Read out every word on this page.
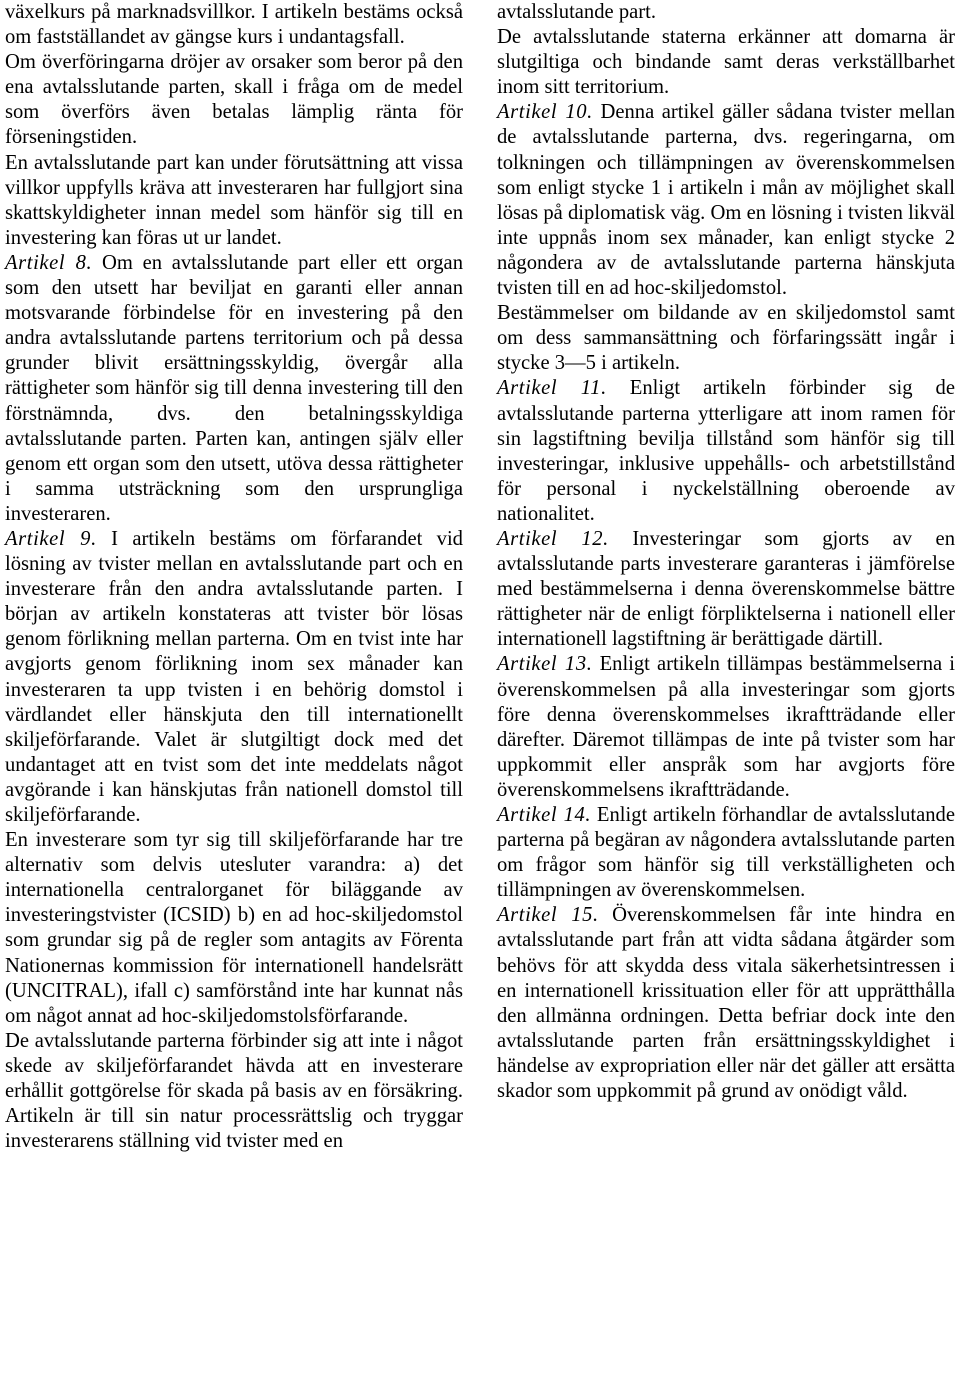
växelkurs på marknadsvillkor. I artikeln bestäms också om fastställandet av gängse kurs i undantagsfall.

Om överföringarna dröjer av orsaker som beror på den ena avtalsslutande parten, skall i fråga om de medel som överförs även betalas lämplig ränta för förseningstiden.

En avtalsslutande part kan under förutsättning att vissa villkor uppfylls kräva att investeraren har fullgjort sina skattskyldigheter innan medel som hänför sig till en investering kan föras ut ur landet.

Artikel 8. Om en avtalsslutande part eller ett organ som den utsett har beviljat en garanti eller annan motsvarande förbindelse för en investering på den andra avtalsslutande partens territorium och på dessa grunder blivit ersättningsskyldig, övergår alla rättigheter som hänför sig till denna investering till den förstnämnda, dvs. den betalningsskyldiga avtalsslutande parten. Parten kan, antingen själv eller genom ett organ som den utsett, utöva dessa rättigheter i samma utsträckning som den ursprungliga investeraren.

Artikel 9. I artikeln bestäms om förfarandet vid lösning av tvister mellan en avtalsslutande part och en investerare från den andra avtalsslutande parten. I början av artikeln konstateras att tvister bör lösas genom förlikning mellan parterna. Om en tvist inte har avgjorts genom förlikning inom sex månader kan investeraren ta upp tvisten i en behörig domstol i värdlandet eller hänskjuta den till internationellt skiljeförfarande. Valet är slutgiltigt dock med det undantaget att en tvist som det inte meddelats något avgörande i kan hänskjutas från nationell domstol till skiljeförfarande.

En investerare som tyr sig till skiljeförfarande har tre alternativ som delvis utesluter varandra: a) det internationella centralorganet för biläggande av investeringstvister (ICSID) b) en ad hoc-skiljedomstol som grundar sig på de regler som antagits av Förenta Nationernas kommission för internationell handelsrätt (UNCITRAL), ifall c) samförstånd inte har kunnat nås om något annat ad hoc-skiljedomstolsförfarande.

De avtalsslutande parterna förbinder sig att inte i något skede av skiljeförfarandet hävda att en investerare erhållit gottgörelse för skada på basis av en försäkring. Artikeln är till sin natur processrättslig och tryggar investerarens ställning vid tvister med en

avtalsslutande part.

De avtalsslutande staterna erkänner att domarna är slutgiltiga och bindande samt deras verkställbarhet inom sitt territorium.

Artikel 10. Denna artikel gäller sådana tvister mellan de avtalsslutande parterna, dvs. regeringarna, om tolkningen och tillämpningen av överenskommelsen som enligt stycke 1 i artikeln i mån av möjlighet skall lösas på diplomatisk väg. Om en lösning i tvisten likväl inte uppnås inom sex månader, kan enligt stycke 2 någondera av de avtalsslutande parterna hänskjuta tvisten till en ad hoc-skiljedomstol.

Bestämmelser om bildande av en skiljedomstol samt om dess sammansättning och förfaringssätt ingår i stycke 3—5 i artikeln.

Artikel 11. Enligt artikeln förbinder sig de avtalsslutande parterna ytterligare att inom ramen för sin lagstiftning bevilja tillstånd som hänför sig till investeringar, inklusive uppehålls- och arbetstillstånd för personal i nyckelställning oberoende av nationalitet.

Artikel 12. Investeringar som gjorts av en avtalsslutande parts investerare garanteras i jämförelse med bestämmelserna i denna överenskommelse bättre rättigheter när de enligt förpliktelserna i nationell eller internationell lagstiftning är berättigade därtill.

Artikel 13. Enligt artikeln tillämpas bestämmelserna i överenskommelsen på alla investeringar som gjorts före denna överenskommelses ikraftträdande eller därefter. Däremot tillämpas de inte på tvister som har uppkommit eller anspråk som har avgjorts före överenskommelsens ikraftträdande.

Artikel 14. Enligt artikeln förhandlar de avtalsslutande parterna på begäran av någondera avtalsslutande parten om frågor som hänför sig till verkställigheten och tillämpningen av överenskommelsen.

Artikel 15. Överenskommelsen får inte hindra en avtalsslutande part från att vidta sådana åtgärder som behövs för att skydda dess vitala säkerhetsintressen i en internationell krissituation eller för att upprätthålla den allmänna ordningen. Detta befriar dock inte den avtalsslutande parten från ersättningsskyldighet i händelse av expropriation eller när det gäller att ersätta skador som uppkommit på grund av onödigt våld.
